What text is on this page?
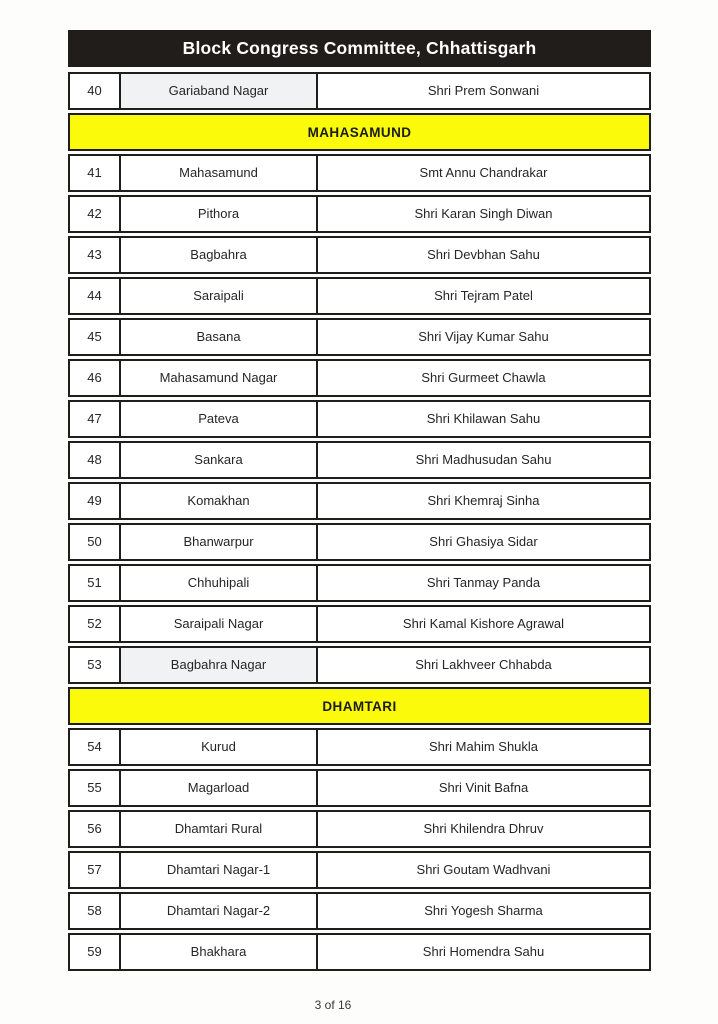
Block Congress Committee, Chhattisgarh
40	Gariaband Nagar	Shri Prem Sonwani
MAHASAMUND
41	Mahasamund	Smt Annu Chandrakar
42	Pithora	Shri Karan Singh Diwan
43	Bagbahra	Shri Devbhan Sahu
44	Saraipali	Shri Tejram Patel
45	Basana	Shri Vijay Kumar Sahu
46	Mahasamund Nagar	Shri Gurmeet Chawla
47	Pateva	Shri Khilawan Sahu
48	Sankara	Shri Madhusudan Sahu
49	Komakhan	Shri Khemraj Sinha
50	Bhanwarpur	Shri Ghasiya Sidar
51	Chhuhipali	Shri Tanmay Panda
52	Saraipali Nagar	Shri Kamal Kishore Agrawal
53	Bagbahra Nagar	Shri Lakhveer Chhabda
DHAMTARI
54	Kurud	Shri Mahim Shukla
55	Magarload	Shri Vinit Bafna
56	Dhamtari Rural	Shri Khilendra Dhruv
57	Dhamtari Nagar-1	Shri Goutam Wadhvani
58	Dhamtari Nagar-2	Shri Yogesh Sharma
59	Bhakhara	Shri Homendra Sahu
3 of 16
